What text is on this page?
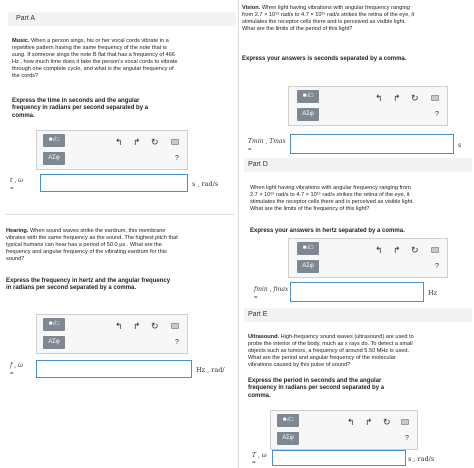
Part A
Music. When a person sings, his or her vocal cords vibrate in a repetitive pattern having the same frequency of the note that is sung. If someone sings the note B flat that has a frequency of 466 Hz , how much time does it take the person's vocal cords to vibrate through one complete cycle, and what is the angular frequency of the cords?
Express the time in seconds and the angular frequency in radians per second separated by a comma.
■√□
ΑΣφ
↰ ↱ ↻
?
t , ω
=
s , rad/s
Hearing. When sound waves strike the eardrum, this membrane vibrates with the same frequency as the sound. The highest pitch that typical humans can hear has a period of 50.0 μs . What are the frequency and angular frequency of the vibrating eardrum for this sound?
Express the frequency in hertz and the angular frequency in radians per second separated by a comma.
■√□
ΑΣφ
↰ ↱ ↻
?
f , ω
=	Hz , rad/
Vision. When light having vibrations with angular frequency ranging from 2.7 × 10¹⁵ rad/s to 4.7 × 10¹⁵ rad/s strikes the retina of the eye, it stimulates the receptor cells there and is perceived as visible light. What are the limits of the period of this light?
Express your answers is seconds separated by a comma.
■√□
ΑΣφ
↰ ↱ ↻
?
Tmin , Tmax
=
s
Part D
When light having vibrations with angular frequency ranging from 2.7 × 10¹⁵ rad/s to 4.7 × 10¹⁵ rad/s strikes the retina of the eye, it stimulates the receptor cells there and is perceived as visible light. What are the limits of the frequency of this light?
Express your answers in hertz separated by a comma.
■√□
ΑΣφ
↰ ↱ ↻
?
fmin , fmax
=
Hz
Part E
Ultrasound. High-frequency sound waves (ultrasound) are used to probe the interior of the body, much as x rays do. To detect a small objects such as tumors, a frequency of around 5.50 MHz is used. What are the period and angular frequency of the molecular vibrations caused by this pulse of sound?
Express the period in seconds and the angular frequency in radians per second separated by a comma.
■√□
ΑΣφ
↰ ↱ ↻
?
T , ω
=	s , rad/s
